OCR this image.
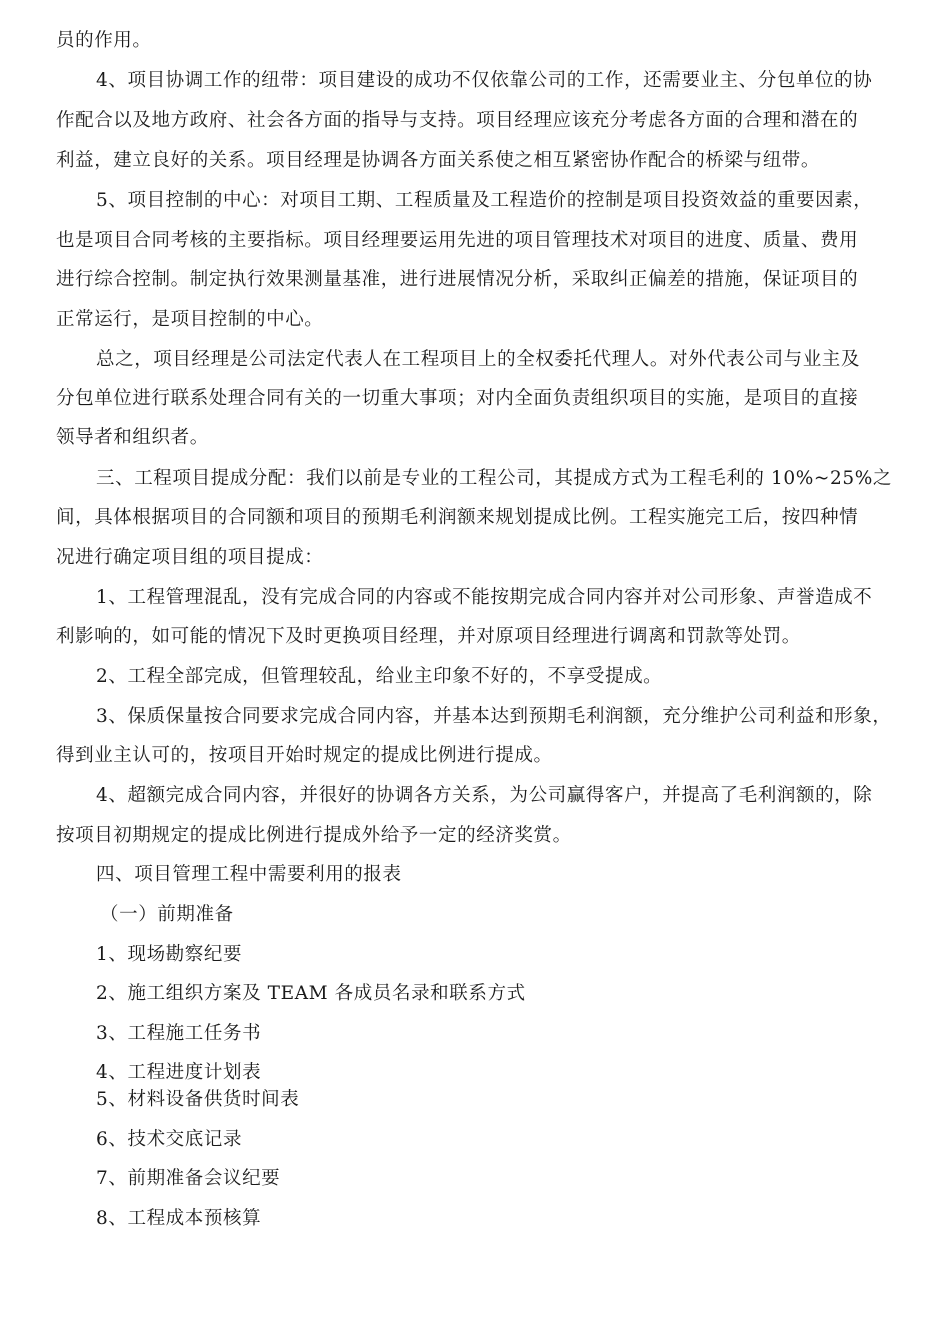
员的作用。
4、项目协调工作的纽带：项目建设的成功不仅依靠公司的工作，还需要业主、分包单位的协
作配合以及地方政府、社会各方面的指导与支持。项目经理应该充分考虑各方面的合理和潜在的
利益，建立良好的关系。项目经理是协调各方面关系使之相互紧密协作配合的桥梁与纽带。
5、项目控制的中心：对项目工期、工程质量及工程造价的控制是项目投资效益的重要因素，
也是项目合同考核的主要指标。项目经理要运用先进的项目管理技术对项目的进度、质量、费用
进行综合控制。制定执行效果测量基准，进行进展情况分析，采取纠正偏差的措施，保证项目的
正常运行，是项目控制的中心。
总之，项目经理是公司法定代表人在工程项目上的全权委托代理人。对外代表公司与业主及
分包单位进行联系处理合同有关的一切重大事项；对内全面负责组织项目的实施，是项目的直接
领导者和组织者。
三、工程项目提成分配：我们以前是专业的工程公司，其提成方式为工程毛利的 10%~25%之
间，具体根据项目的合同额和项目的预期毛利润额来规划提成比例。工程实施完工后，按四种情
况进行确定项目组的项目提成：
1、工程管理混乱，没有完成合同的内容或不能按期完成合同内容并对公司形象、声誉造成不
利影响的，如可能的情况下及时更换项目经理，并对原项目经理进行调离和罚款等处罚。
2、工程全部完成，但管理较乱，给业主印象不好的，不享受提成。
3、保质保量按合同要求完成合同内容，并基本达到预期毛利润额，充分维护公司利益和形象，
得到业主认可的，按项目开始时规定的提成比例进行提成。
4、超额完成合同内容，并很好的协调各方关系，为公司赢得客户，并提高了毛利润额的，除
按项目初期规定的提成比例进行提成外给予一定的经济奖赏。
四、项目管理工程中需要利用的报表
（一）前期准备
1、现场勘察纪要
2、施工组织方案及 TEAM 各成员名录和联系方式
3、工程施工任务书
4、工程进度计划表
5、材料设备供货时间表
6、技术交底记录
7、前期准备会议纪要
8、工程成本预核算
